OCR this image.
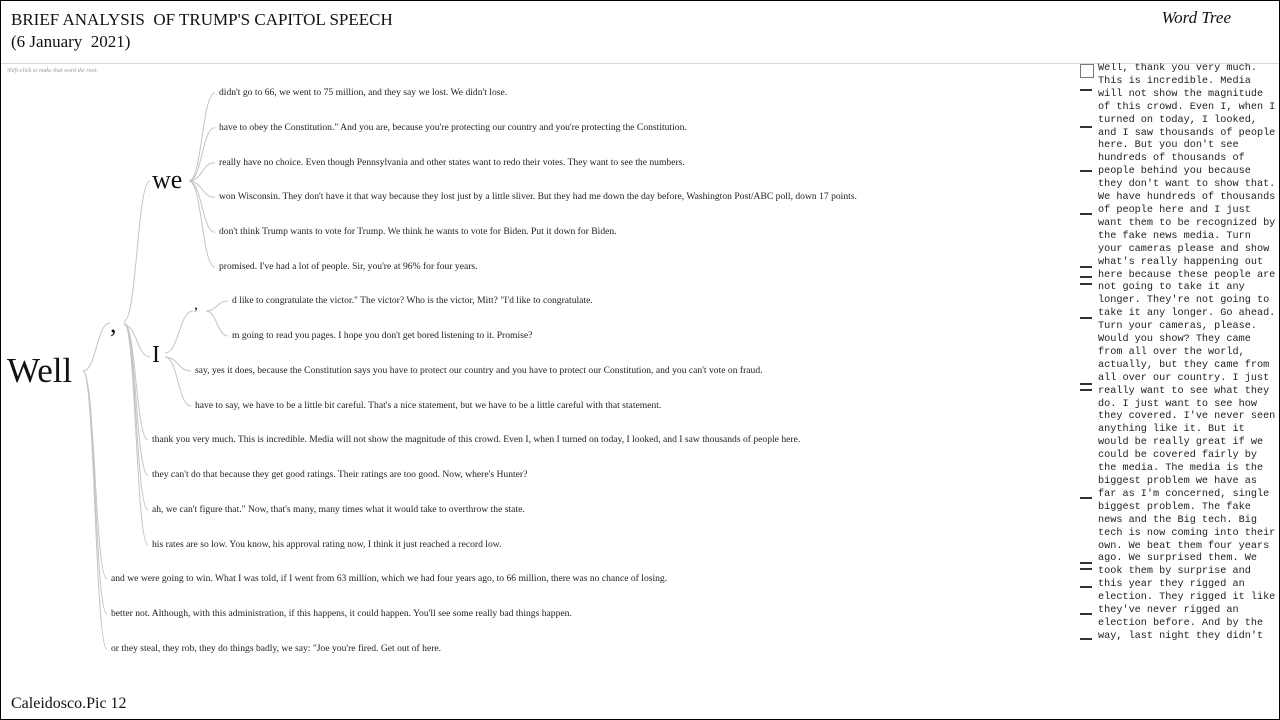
BRIEF ANALYSIS  OF TRUMP'S CAPITOL SPEECH
(6 January  2021)
Word Tree
Shift-click to make that word the root.
Well
,
we
I
,
didn't go to 66, we went to 75 million, and they say we lost. We didn't lose.
have to obey the Constitution." And you are, because you're protecting our country and you're protecting the Constitution.
really have no choice. Even though Pennsylvania and other states want to redo their votes. They want to see the numbers.
won Wisconsin. They don't have it that way because they lost just by a little sliver. But they had me down the day before, Washington Post/ABC poll, down 17 points.
don't think Trump wants to vote for Trump. We think he wants to vote for Biden. Put it down for Biden.
promised. I've had a lot of people. Sir, you're at 96% for four years.
d like to congratulate the victor." The victor? Who is the victor, Mitt? "I'd like to congratulate.
m going to read you pages. I hope you don't get bored listening to it. Promise?
say, yes it does, because the Constitution says you have to protect our country and you have to protect our Constitution, and you can't vote on fraud.
have to say, we have to be a little bit careful. That's a nice statement, but we have to be a little careful with that statement.
thank you very much. This is incredible. Media will not show the magnitude of this crowd. Even I, when I turned on today, I looked, and I saw thousands of people here.
they can't do that because they get good ratings. Their ratings are too good. Now, where's Hunter?
ah, we can't figure that." Now, that's many, many times what it would take to overthrow the state.
his rates are so low. You know, his approval rating now, I think it just reached a record low.
and we were going to win. What I was told, if I went from 63 million, which we had four years ago, to 66 million, there was no chance of losing.
better not. Although, with this administration, if this happens, it could happen. You'll see some really bad things happen.
or they steal, they rob, they do things badly, we say: "Joe you're fired. Get out of here.
Well, thank you very much. This is incredible. Media will not show the magnitude of this crowd. Even I, when I turned on today, I looked, and I saw thousands of people here. But you don't see hundreds of thousands of people behind you because they don't want to show that. We have hundreds of thousands of people here and I just want them to be recognized by the fake news media. Turn your cameras please and show what's really happening out here because these people are not going to take it any longer. They're not going to take it any longer. Go ahead. Turn your cameras, please. Would you show? They came from all over the world, actually, but they came from all over our country. I just really want to see what they do. I just want to see how they covered. I've never seen anything like it. But it would be really great if we could be covered fairly by the media. The media is the biggest problem we have as far as I'm concerned, single biggest problem. The fake news and the Big tech. Big tech is now coming into their own. We beat them four years ago. We surprised them. We took them by surprise and this year they rigged an election. They rigged it like they've never rigged an election before. And by the way, last night they didn't
Caleidosco.Pic 12
